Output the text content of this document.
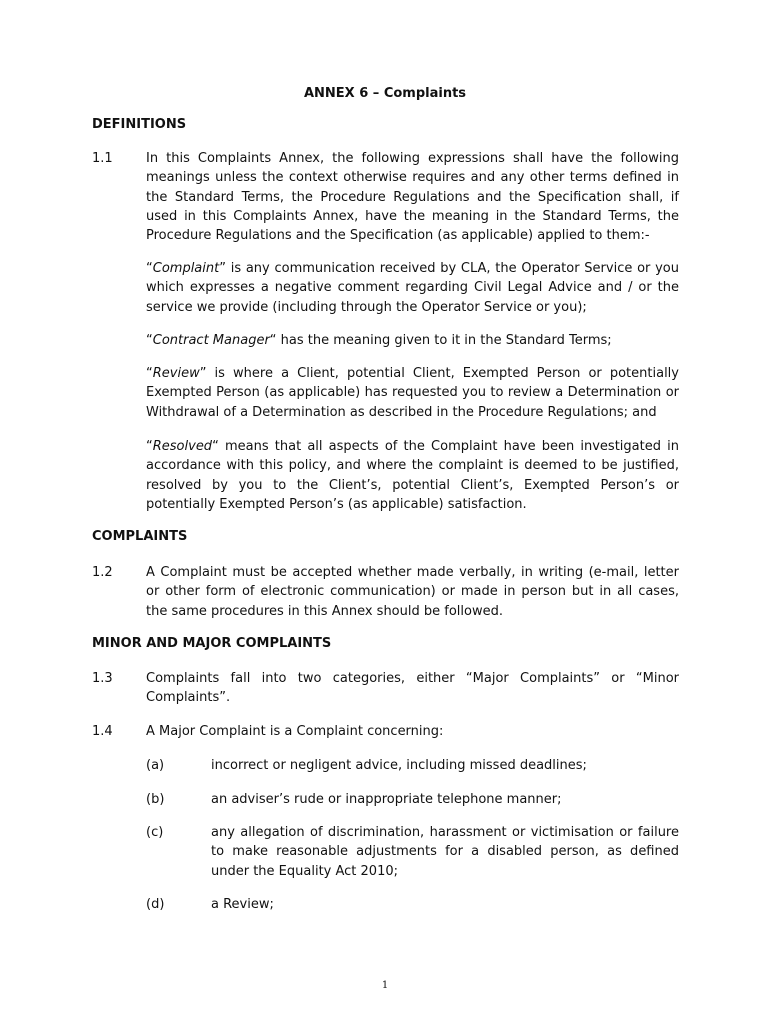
ANNEX 6 – Complaints
DEFINITIONS
1.1	In this Complaints Annex, the following expressions shall have the following meanings unless the context otherwise requires and any other terms defined in the Standard Terms, the Procedure Regulations and the Specification shall, if used in this Complaints Annex, have the meaning in the Standard Terms, the Procedure Regulations and the Specification (as applicable) applied to them:-
“Complaint” is any communication received by CLA, the Operator Service or you which expresses a negative comment regarding Civil Legal Advice and / or the service we provide (including through the Operator Service or you);
“Contract Manager“ has the meaning given to it in the Standard Terms;
“Review” is where a Client, potential Client, Exempted Person or potentially Exempted Person (as applicable) has requested you to review a Determination or Withdrawal of a Determination as described in the Procedure Regulations; and
“Resolved“ means that all aspects of the Complaint have been investigated in accordance with this policy, and where the complaint is deemed to be justified, resolved by you to the Client’s, potential Client’s, Exempted Person’s or potentially Exempted Person’s (as applicable) satisfaction.
COMPLAINTS
1.2	A Complaint must be accepted whether made verbally, in writing (e-mail, letter or other form of electronic communication) or made in person but in all cases, the same procedures in this Annex should be followed.
MINOR AND MAJOR COMPLAINTS
1.3	Complaints fall into two categories, either “Major Complaints” or “Minor Complaints”.
1.4	A Major Complaint is a Complaint concerning:
(a)	incorrect or negligent advice, including missed deadlines;
(b)	an adviser’s rude or inappropriate telephone manner;
(c)	any allegation of discrimination, harassment or victimisation or failure to make reasonable adjustments for a disabled person, as defined under the Equality Act 2010;
(d)	a Review;
1
